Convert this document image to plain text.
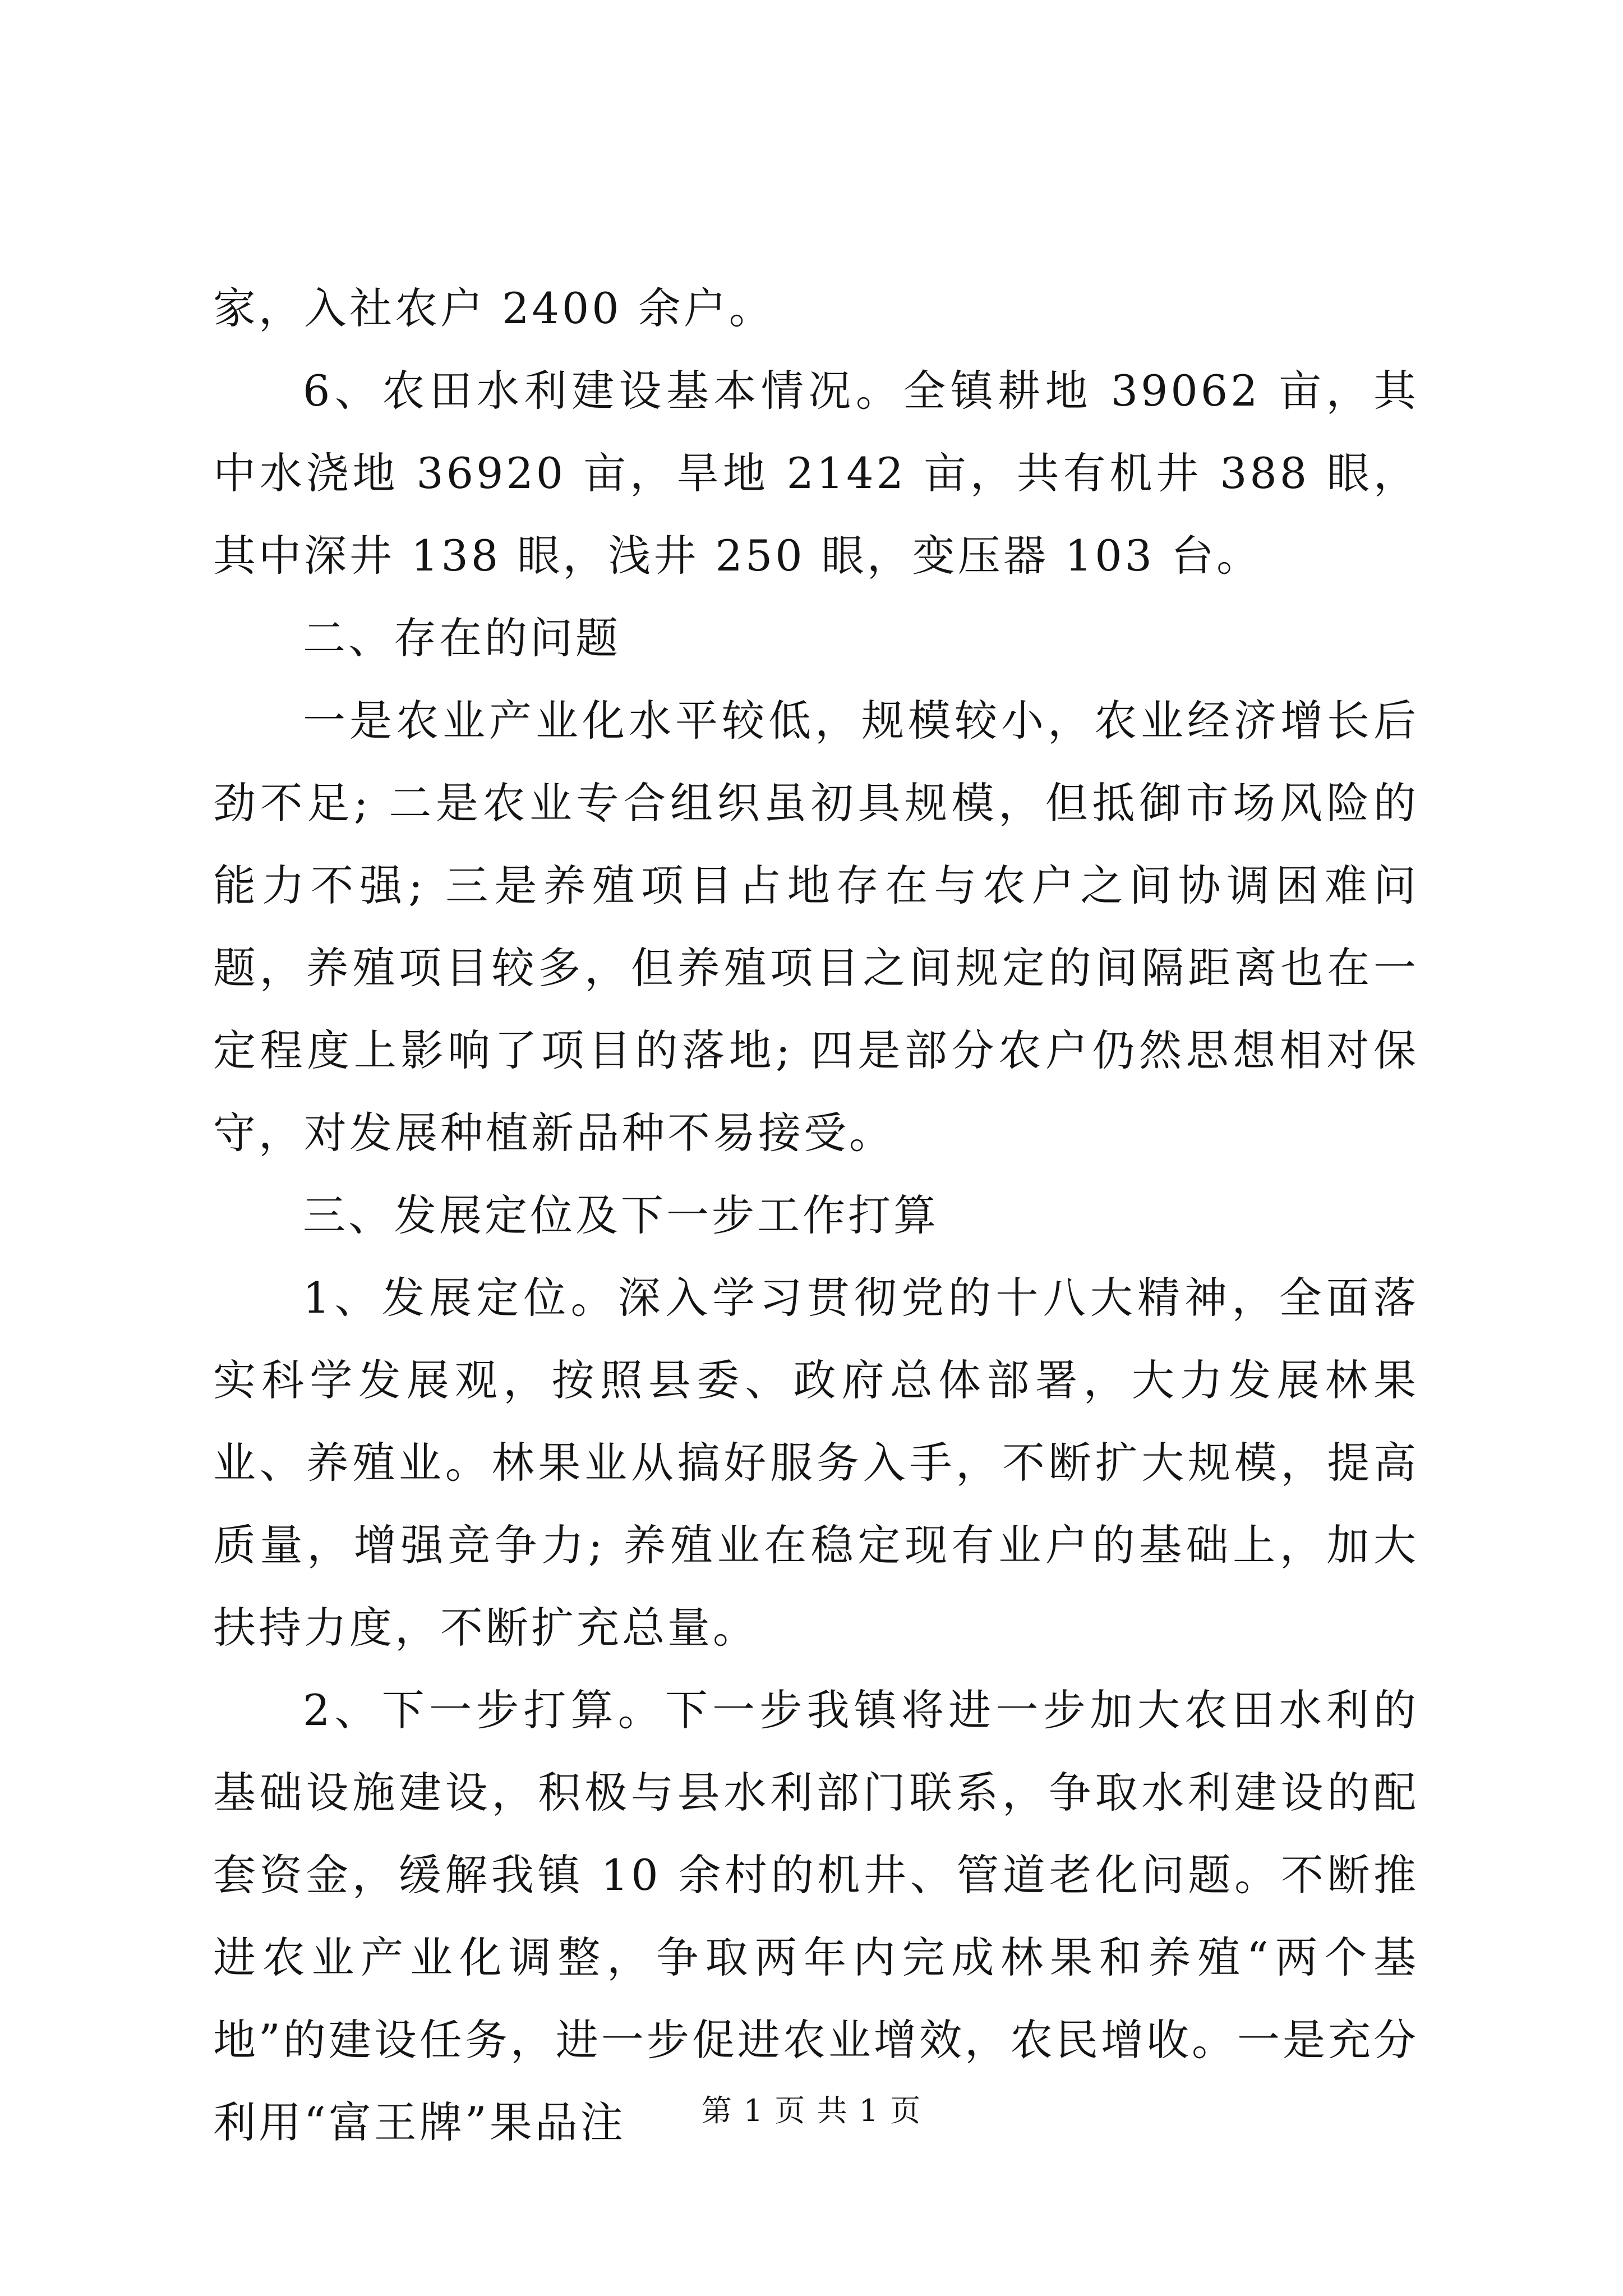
家，入社农户 2400 余户。

6、农田水利建设基本情况。全镇耕地 39062 亩，其中水浇地 36920 亩，旱地 2142 亩，共有机井 388 眼，其中深井 138 眼，浅井 250 眼，变压器 103 台。

二、存在的问题

一是农业产业化水平较低，规模较小，农业经济增长后劲不足; 二是农业专合组织虽初具规模，但抵御市场风险的能力不强; 三是养殖项目占地存在与农户之间协调困难问题，养殖项目较多，但养殖项目之间规定的间隔距离也在一定程度上影响了项目的落地; 四是部分农户仍然思想相对保守，对发展种植新品种不易接受。

三、发展定位及下一步工作打算

1、发展定位。深入学习贯彻党的十八大精神，全面落实科学发展观，按照县委、政府总体部署，大力发展林果业、养殖业。林果业从搞好服务入手，不断扩大规模，提高质量，增强竞争力; 养殖业在稳定现有业户的基础上，加大扶持力度，不断扩充总量。

2、下一步打算。下一步我镇将进一步加大农田水利的基础设施建设，积极与县水利部门联系，争取水利建设的配套资金，缓解我镇 10 余村的机井、管道老化问题。不断推进农业产业化调整，争取两年内完成林果和养殖“两个基地”的建设任务，进一步促进农业增效，农民增收。一是充分利用“富王牌”果品注	第 1 页 共 1 页
